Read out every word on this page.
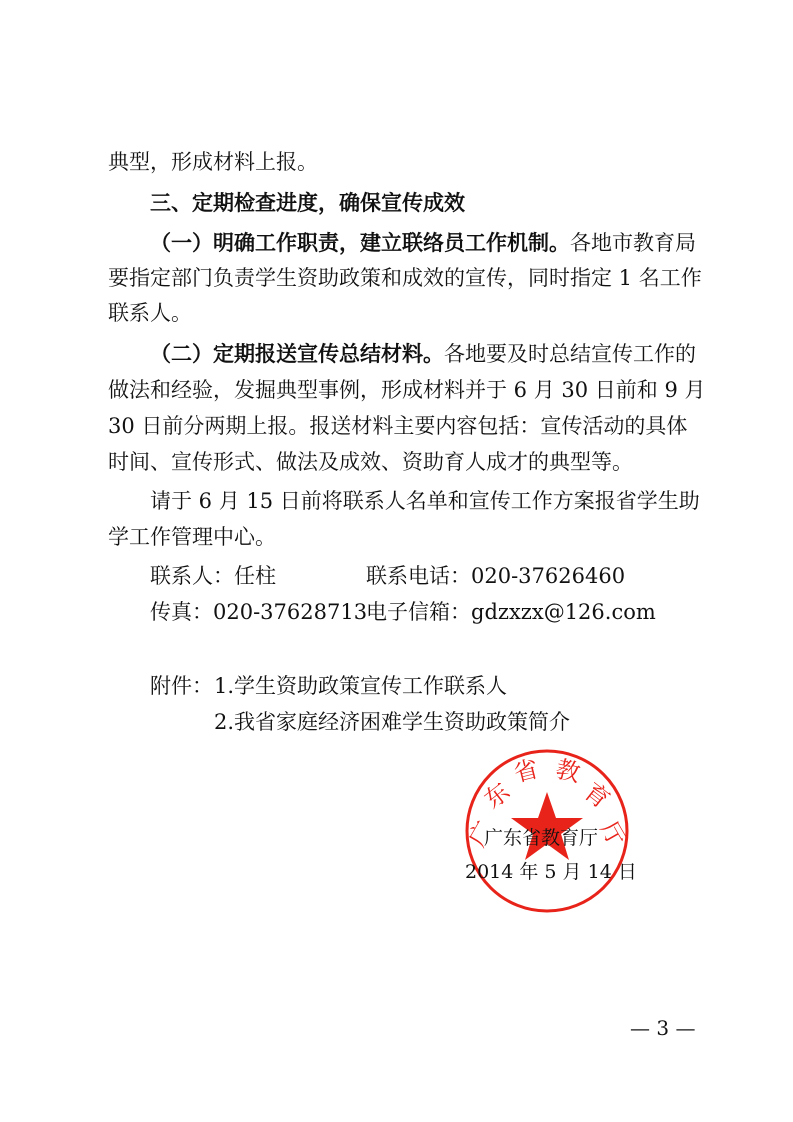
典型，形成材料上报。
三、定期检查进度，确保宣传成效
（一）明确工作职责，建立联络员工作机制。各地市教育局
要指定部门负责学生资助政策和成效的宣传，同时指定 1 名工作
联系人。
（二）定期报送宣传总结材料。各地要及时总结宣传工作的
做法和经验，发掘典型事例，形成材料并于 6 月 30 日前和 9 月
30 日前分两期上报。报送材料主要内容包括：宣传活动的具体
时间、宣传形式、做法及成效、资助育人成才的典型等。
请于 6 月 15 日前将联系人名单和宣传工作方案报省学生助
学工作管理中心。
联系人：任柱	联系电话：020-37626460
传真：020-37628713
电子信箱：gdzxzx@126.com
附件： 1.学生资助政策宣传工作联系人
2.我省家庭经济困难学生资助政策简介
广
东
省 教
育
厅
广东省教育厅
2014 年 5 月 14 日
— 3 —
